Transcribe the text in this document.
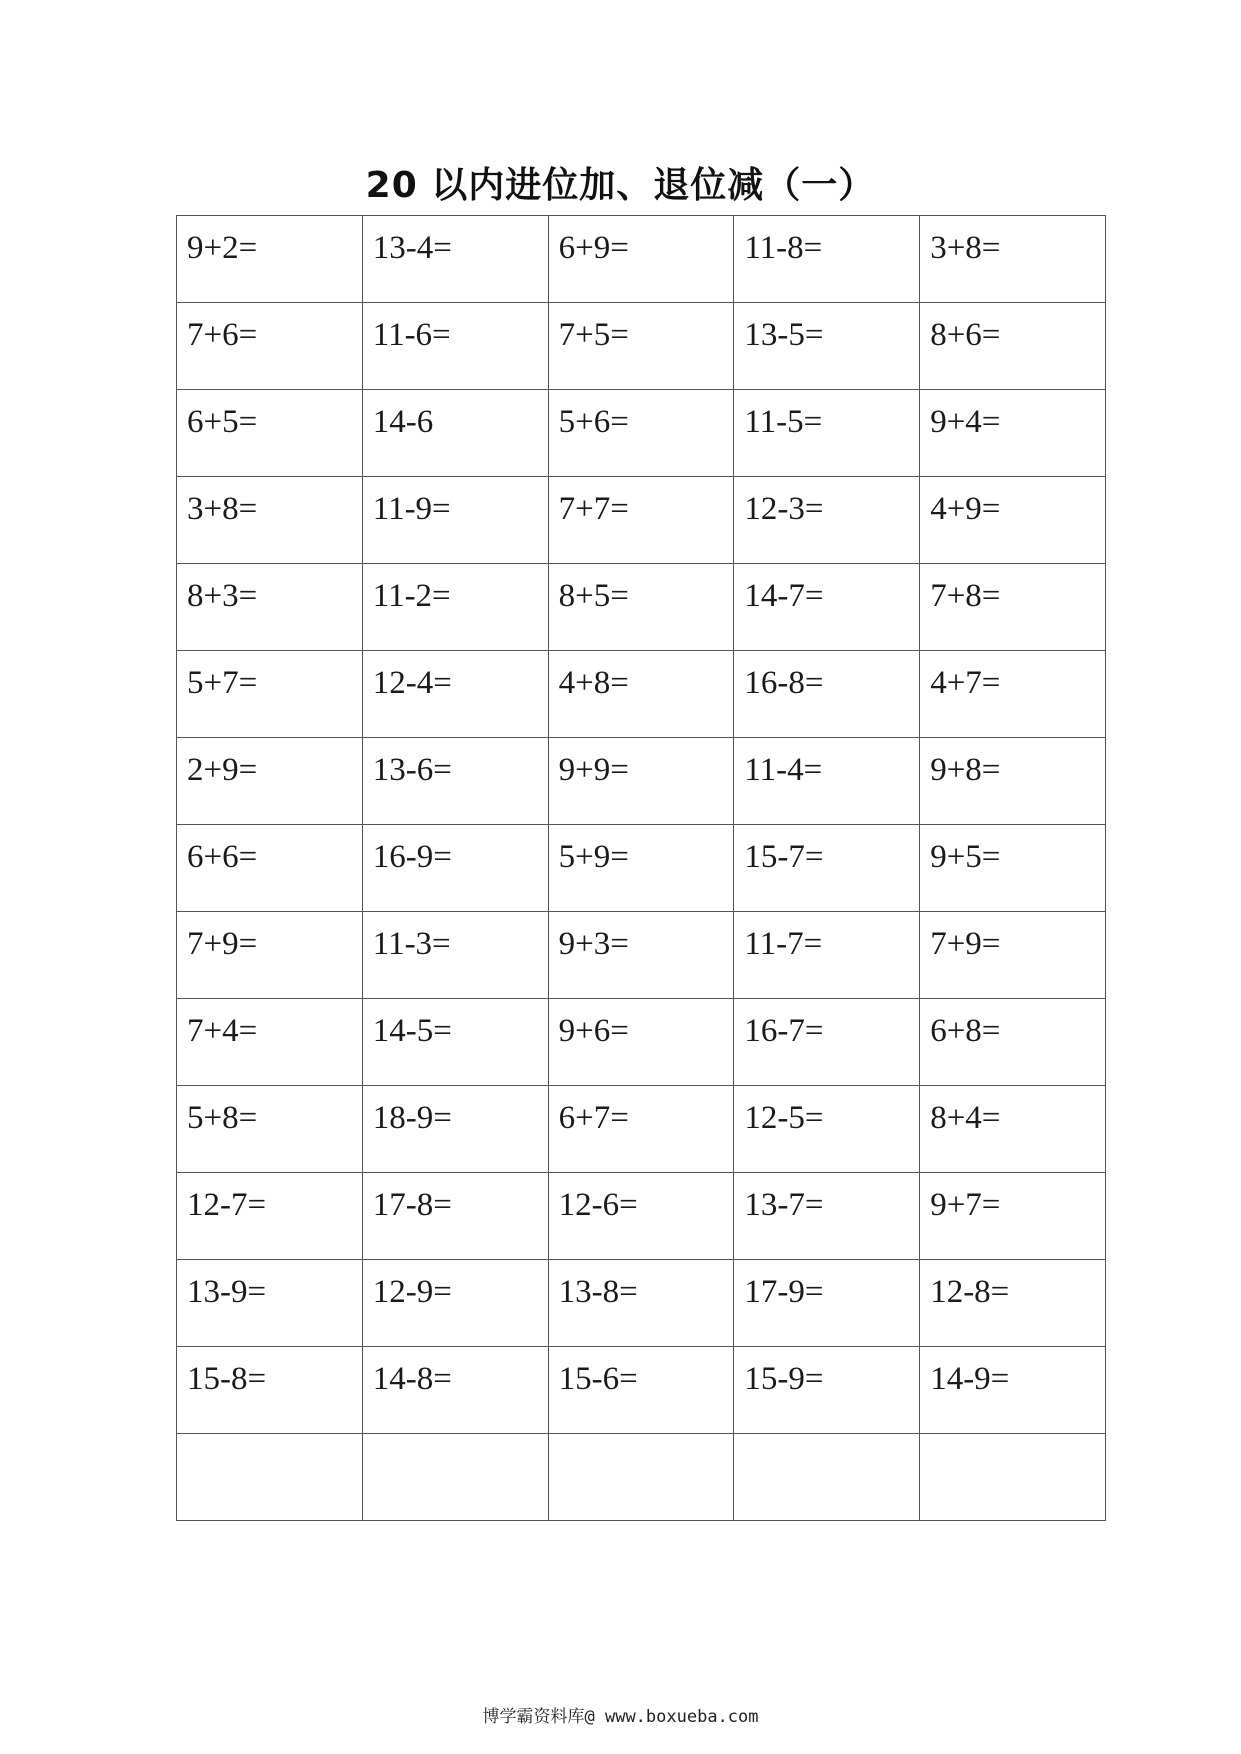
20 以内进位加、退位减（一）
9+2=	13-4=	6+9=	11-8=	3+8=
7+6=	11-6=	7+5=	13-5=	8+6=
6+5=	14-6	5+6=	11-5=	9+4=
3+8=	11-9=	7+7=	12-3=	4+9=
8+3=	11-2=	8+5=	14-7=	7+8=
5+7=	12-4=	4+8=	16-8=	4+7=
2+9=	13-6=	9+9=	11-4=	9+8=
6+6=	16-9=	5+9=	15-7=	9+5=
7+9=	11-3=	9+3=	11-7=	7+9=
7+4=	14-5=	9+6=	16-7=	6+8=
5+8=	18-9=	6+7=	12-5=	8+4=
12-7=	17-8=	12-6=	13-7=	9+7=
13-9=	12-9=	13-8=	17-9=	12-8=
15-8=	14-8=	15-6=	15-9=	14-9=

博学霸资料库@ www.boxueba.com
